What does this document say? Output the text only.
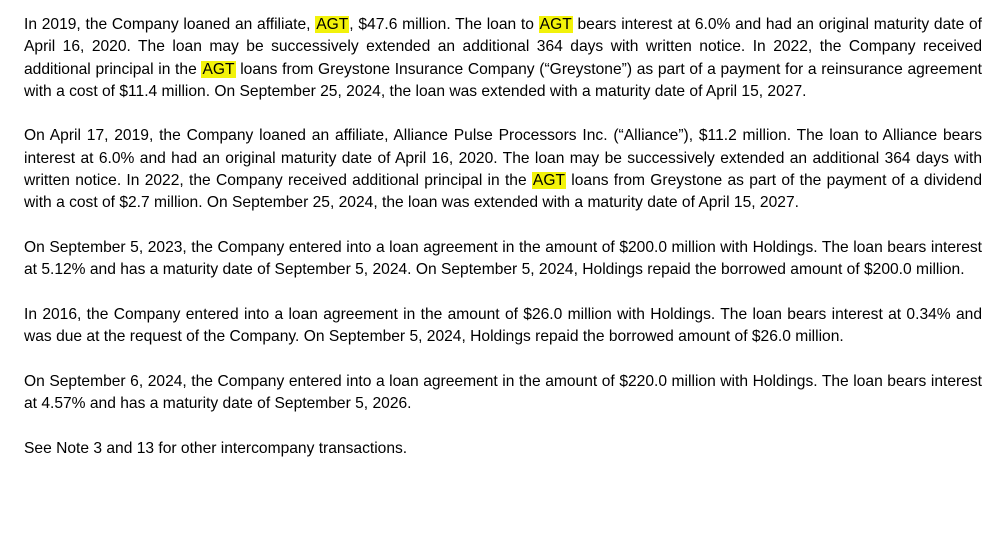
In 2019, the Company loaned an affiliate, AGT, $47.6 million. The loan to AGT bears interest at 6.0% and had an original maturity date of April 16, 2020. The loan may be successively extended an additional 364 days with written notice. In 2022, the Company received additional principal in the AGT loans from Greystone Insurance Company (“Greystone”) as part of a payment for a reinsurance agreement with a cost of $11.4 million. On September 25, 2024, the loan was extended with a maturity date of April 15, 2027.

On April 17, 2019, the Company loaned an affiliate, Alliance Pulse Processors Inc. (“Alliance”), $11.2 million. The loan to Alliance bears interest at 6.0% and had an original maturity date of April 16, 2020. The loan may be successively extended an additional 364 days with written notice. In 2022, the Company received additional principal in the AGT loans from Greystone as part of the payment of a dividend with a cost of $2.7 million. On September 25, 2024, the loan was extended with a maturity date of April 15, 2027.

On September 5, 2023, the Company entered into a loan agreement in the amount of $200.0 million with Holdings. The loan bears interest at 5.12% and has a maturity date of September 5, 2024. On September 5, 2024, Holdings repaid the borrowed amount of $200.0 million.

In 2016, the Company entered into a loan agreement in the amount of $26.0 million with Holdings. The loan bears interest at 0.34% and was due at the request of the Company. On September 5, 2024, Holdings repaid the borrowed amount of $26.0 million.

On September 6, 2024, the Company entered into a loan agreement in the amount of $220.0 million with Holdings. The loan bears interest at 4.57% and has a maturity date of September 5, 2026.

See Note 3 and 13 for other intercompany transactions.
